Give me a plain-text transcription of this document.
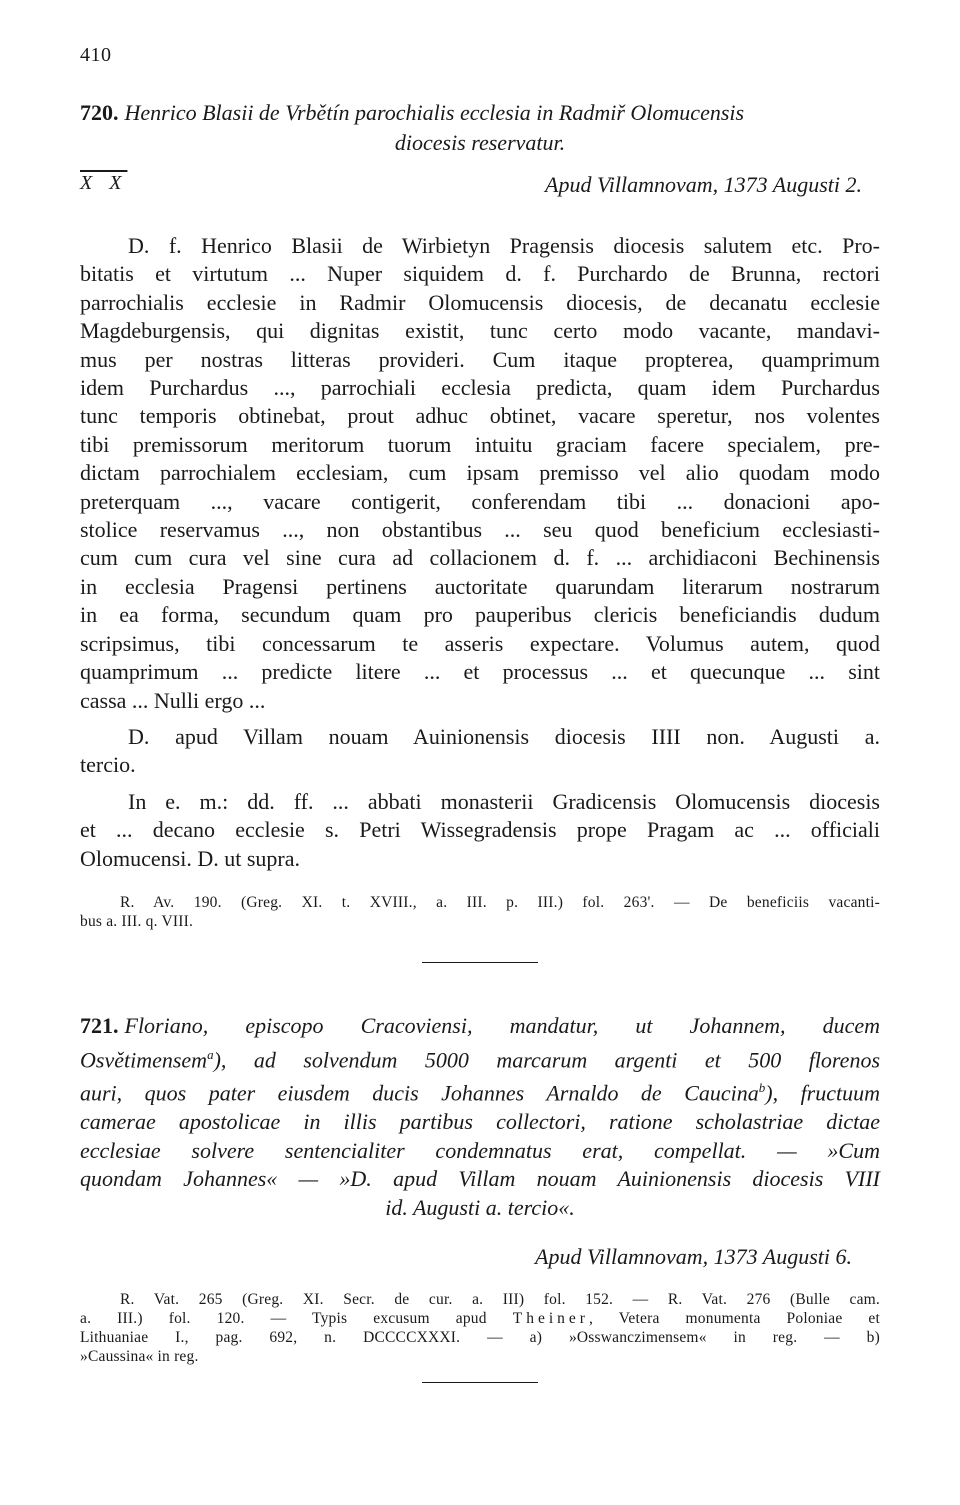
410

720. Henrico Blasii de Vrbětín parochialis ecclesia in Radmiř Olomucensis

diocesis reservatur.

X X	Apud Villamnovam, 1373 Augusti 2.
D. f. Henrico Blasii de Wirbietyn Pragensis diocesis salutem etc. Pro-
bitatis et virtutum ... Nuper siquidem d. f. Purchardo de Brunna, rectori
parrochialis ecclesie in Radmir Olomucensis diocesis, de decanatu ecclesie
Magdeburgensis, qui dignitas existit, tunc certo modo vacante, mandavi-
mus per nostras litteras provideri. Cum itaque propterea, quamprimum
idem Purchardus ..., parrochiali ecclesia predicta, quam idem Purchardus
tunc temporis obtinebat, prout adhuc obtinet, vacare speretur, nos volentes
tibi premissorum meritorum tuorum intuitu graciam facere specialem, pre-
dictam parrochialem ecclesiam, cum ipsam premisso vel alio quodam modo
preterquam ..., vacare contigerit, conferendam tibi ... donacioni apo-
stolice reservamus ..., non obstantibus ... seu quod beneficium ecclesiasti-
cum cum cura vel sine cura ad collacionem d. f. ... archidiaconi Bechinensis
in ecclesia Pragensi pertinens auctoritate quarundam literarum nostrarum
in ea forma, secundum quam pro pauperibus clericis beneficiandis dudum
scripsimus, tibi concessarum te asseris expectare. Volumus autem, quod
quamprimum ... predicte litere ... et processus ... et quecunque ... sint
cassa ... Nulli ergo ...
D. apud Villam nouam Auinionensis diocesis IIII non. Augusti a.
tercio.
In e. m.: dd. ff. ... abbati monasterii Gradicensis Olomucensis diocesis
et ... decano ecclesie s. Petri Wissegradensis prope Pragam ac ... officiali
Olomucensi. D. ut supra.
R. Av. 190. (Greg. XI. t. XVIII., a. III. p. III.) fol. 263'. — De beneficiis vacanti-
bus a. III. q. VIII.
721. Floriano, episcopo Cracoviensi, mandatur, ut Johannem, ducem
Osvětimensem$^a$), ad solvendum 5000 marcarum argenti et 500 florenos
auri, quos pater eiusdem ducis Johannes Arnaldo de Caucina$^b$), fructuum
camerae apostolicae in illis partibus collectori, ratione scholastriae dictae
ecclesiae solvere sentencialiter condemnatus erat, compellat. — »Cum
quondam Johannes« — »D. apud Villam nouam Auinionensis diocesis VIII
id. Augusti a. tercio«.
Apud Villamnovam, 1373 Augusti 6.
R. Vat. 265 (Greg. XI. Secr. de cur. a. III) fol. 152. — R. Vat. 276 (Bulle cam.
a. III.) fol. 120. — Typis excusum apud Theiner, Vetera monumenta Poloniae et
Lithuaniae I., pag. 692, n. DCCCCXXXI. — a) »Osswanczimensem« in reg. — b)
»Caussina« in reg.
